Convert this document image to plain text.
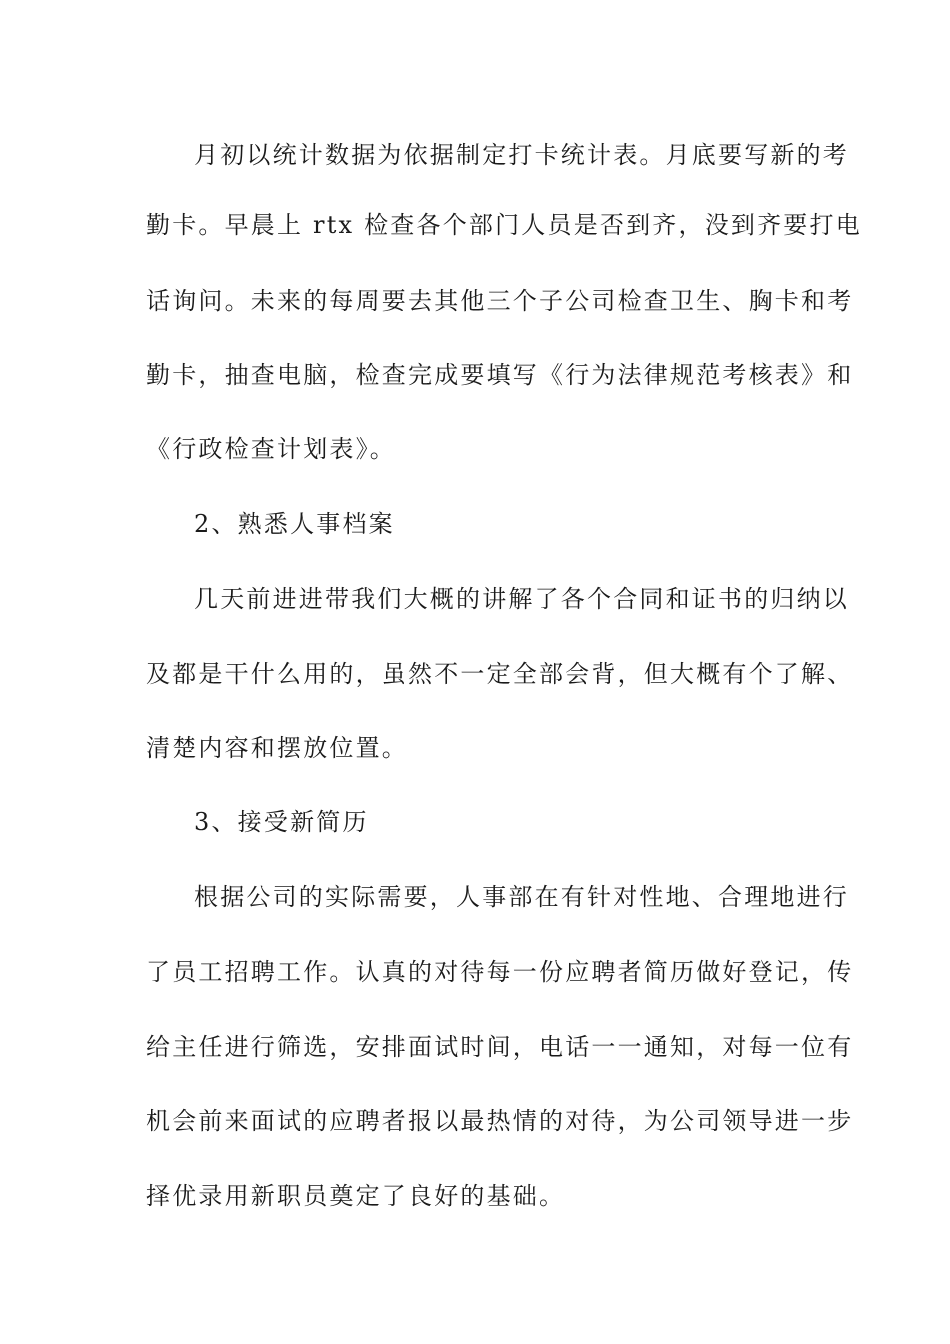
月初以统计数据为依据制定打卡统计表。月底要写新的考
勤卡。早晨上 rtx 检查各个部门人员是否到齐，没到齐要打电
话询问。未来的每周要去其他三个子公司检查卫生、胸卡和考
勤卡，抽查电脑，检查完成要填写《行为法律规范考核表》和
《行政检查计划表》。
2、熟悉人事档案
几天前进进带我们大概的讲解了各个合同和证书的归纳以
及都是干什么用的，虽然不一定全部会背，但大概有个了解、
清楚内容和摆放位置。
3、接受新简历
根据公司的实际需要，人事部在有针对性地、合理地进行
了员工招聘工作。认真的对待每一份应聘者简历做好登记，传
给主任进行筛选，安排面试时间，电话一一通知，对每一位有
机会前来面试的应聘者报以最热情的对待，为公司领导进一步
择优录用新职员奠定了良好的基础。
